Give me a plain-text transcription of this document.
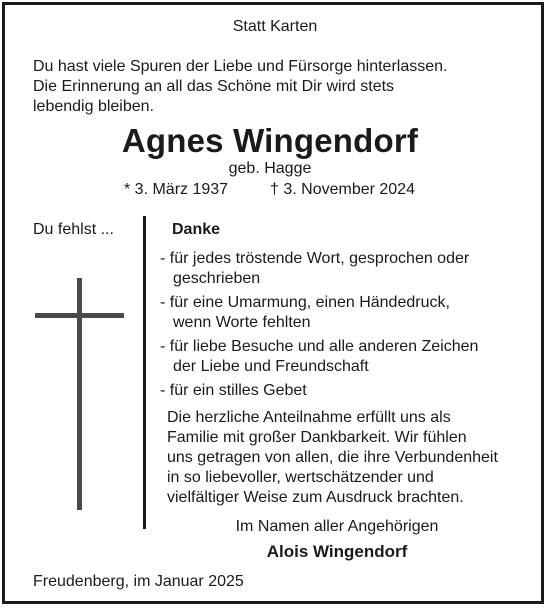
Statt Karten
Du hast viele Spuren der Liebe und Fürsorge hinterlassen.
Die Erinnerung an all das Schöne mit Dir wird stets
lebendig bleiben.
Agnes Wingendorf
geb. Hagge
* 3. März 1937	† 3. November 2024
Du fehlst ...	Danke
- für jedes tröstende Wort, gesprochen oder
geschrieben
- für eine Umarmung, einen Händedruck,
wenn Worte fehlten
- für liebe Besuche und alle anderen Zeichen
der Liebe und Freundschaft
- für ein stilles Gebet
Die herzliche Anteilnahme erfüllt uns als
Familie mit großer Dankbarkeit. Wir fühlen
uns getragen von allen, die ihre Verbundenheit
in so liebevoller, wertschätzender und
vielfältiger Weise zum Ausdruck brachten.
Im Namen aller Angehörigen
Alois Wingendorf
Freudenberg, im Januar 2025
